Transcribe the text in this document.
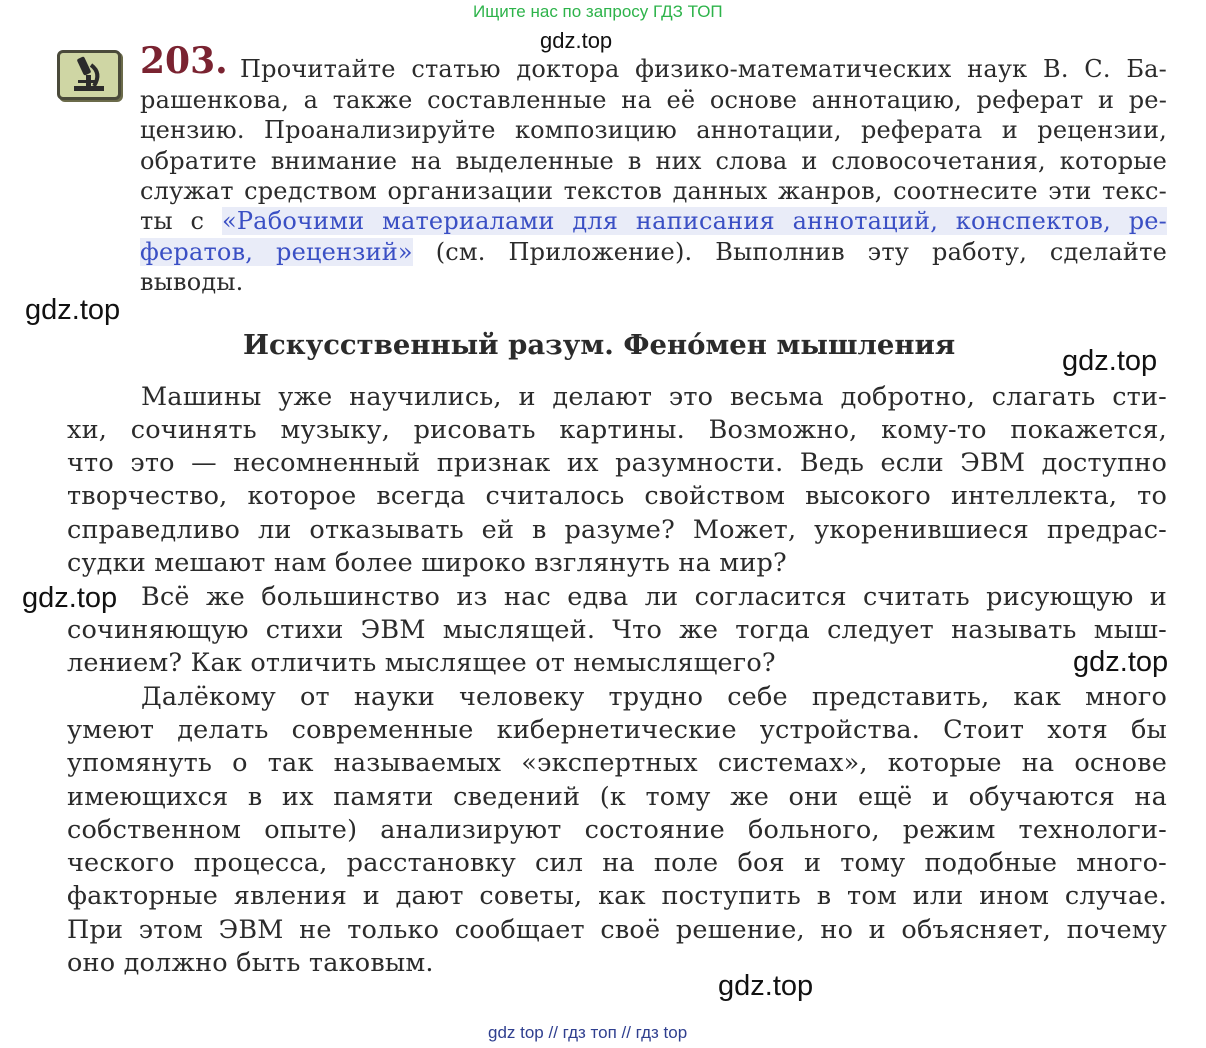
Ищите нас по запросу ГДЗ ТОП
gdz.top
203. Прочитайте статью доктора физико-математических наук В. С. Ба-
рашенкова, а также составленные на её основе аннотацию, реферат и ре-
цензию. Проанализируйте композицию аннотации, реферата и рецензии,
обратите внимание на выделенные в них слова и словосочетания, которые
служат средством организации текстов данных жанров, соотнесите эти текс-
ты с «Рабочими материалами для написания аннотаций, конспектов, ре-
фератов, рецензий» (см. Приложение). Выполнив эту работу, сделайте
выводы.
gdz.top
gdz.top
Искусственный разум. Фенóмен мышления
Машины уже научились, и делают это весьма добротно, слагать сти-
хи, сочинять музыку, рисовать картины. Возможно, кому-то покажется,
что это — несомненный признак их разумности. Ведь если ЭВМ доступно
творчество, которое всегда считалось свойством высокого интеллекта, то
справедливо ли отказывать ей в разуме? Может, укоренившиеся предрас-
судки мешают нам более широко взглянуть на мир?
gdz.top Всё же большинство из нас едва ли согласится считать рисующую и
сочиняющую стихи ЭВМ мыслящей. Что же тогда следует называть мыш-
лением? Как отличить мыслящее от немыслящего?	gdz.top
Далёкому от науки человеку трудно себе представить, как много
умеют делать современные кибернетические устройства. Стоит хотя бы
упомянуть о так называемых «экспертных системах», которые на основе
имеющихся в их памяти сведений (к тому же они ещё и обучаются на
собственном опыте) анализируют состояние больного, режим технологи-
ческого процесса, расстановку сил на поле боя и тому подобные много-
факторные явления и дают советы, как поступить в том или ином случае.
При этом ЭВМ не только сообщает своё решение, но и объясняет, почему
оно должно быть таковым.
gdz.top
gdz top // гдз топ // гдз top
